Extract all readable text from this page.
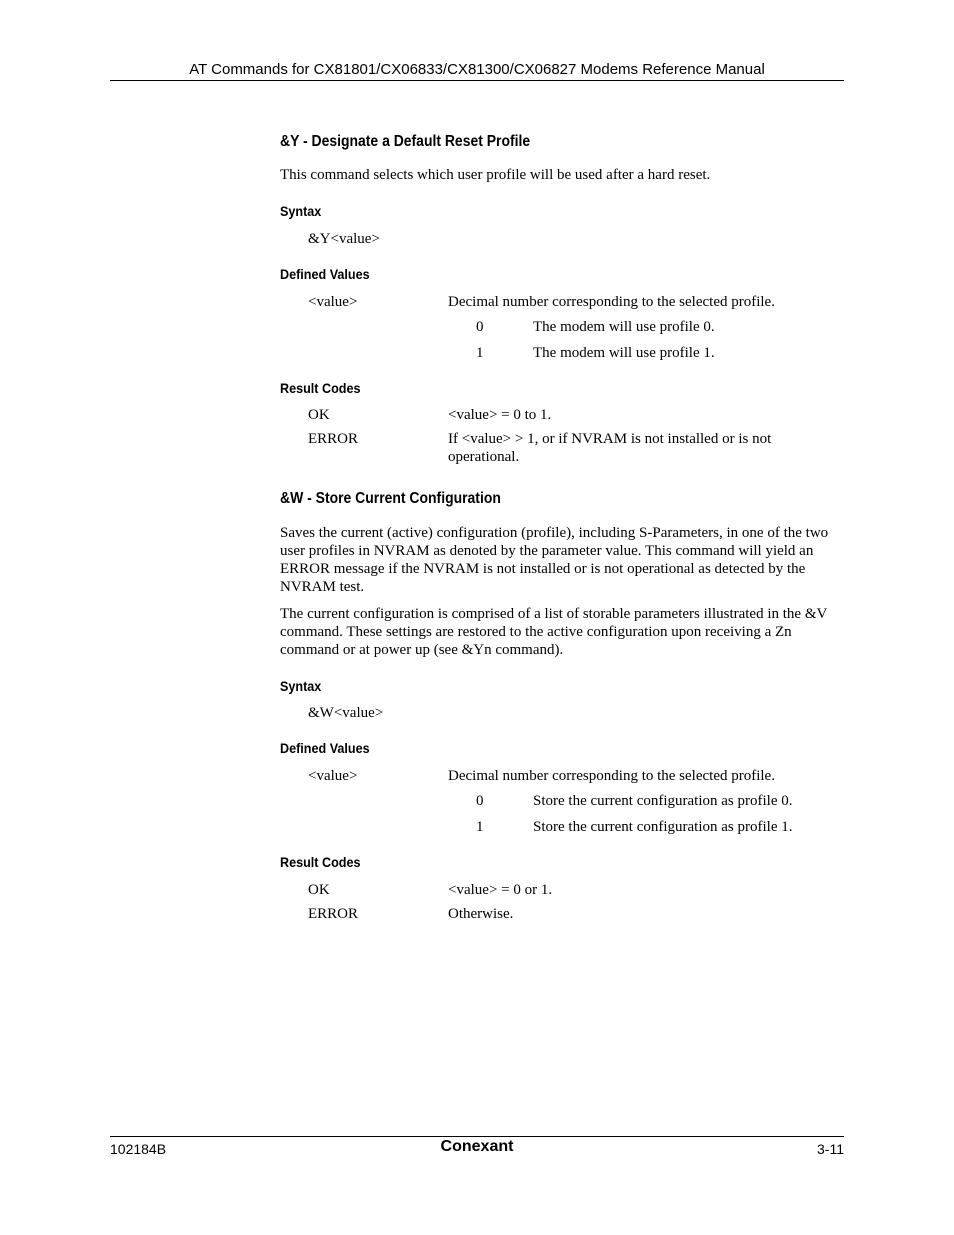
AT Commands for CX81801/CX06833/CX81300/CX06827 Modems Reference Manual
&Y - Designate a Default Reset Profile
This command selects which user profile will be used after a hard reset.
Syntax
&Y<value>
Defined Values
<value>	Decimal number corresponding to the selected profile.
0	The modem will use profile 0.
1	The modem will use profile 1.
Result Codes
OK	<value> = 0 to 1.
ERROR	If <value> > 1, or if NVRAM is not installed or is not operational.
&W - Store Current Configuration
Saves the current (active) configuration (profile), including S-Parameters, in one of the two user profiles in NVRAM as denoted by the parameter value. This command will yield an ERROR message if the NVRAM is not installed or is not operational as detected by the NVRAM test.
The current configuration is comprised of a list of storable parameters illustrated in the &V command. These settings are restored to the active configuration upon receiving a Zn command or at power up (see &Yn command).
Syntax
&W<value>
Defined Values
<value>	Decimal number corresponding to the selected profile.
0	Store the current configuration as profile 0.
1	Store the current configuration as profile 1.
Result Codes
OK	<value> = 0 or 1.
ERROR	Otherwise.
102184B	Conexant	3-11
